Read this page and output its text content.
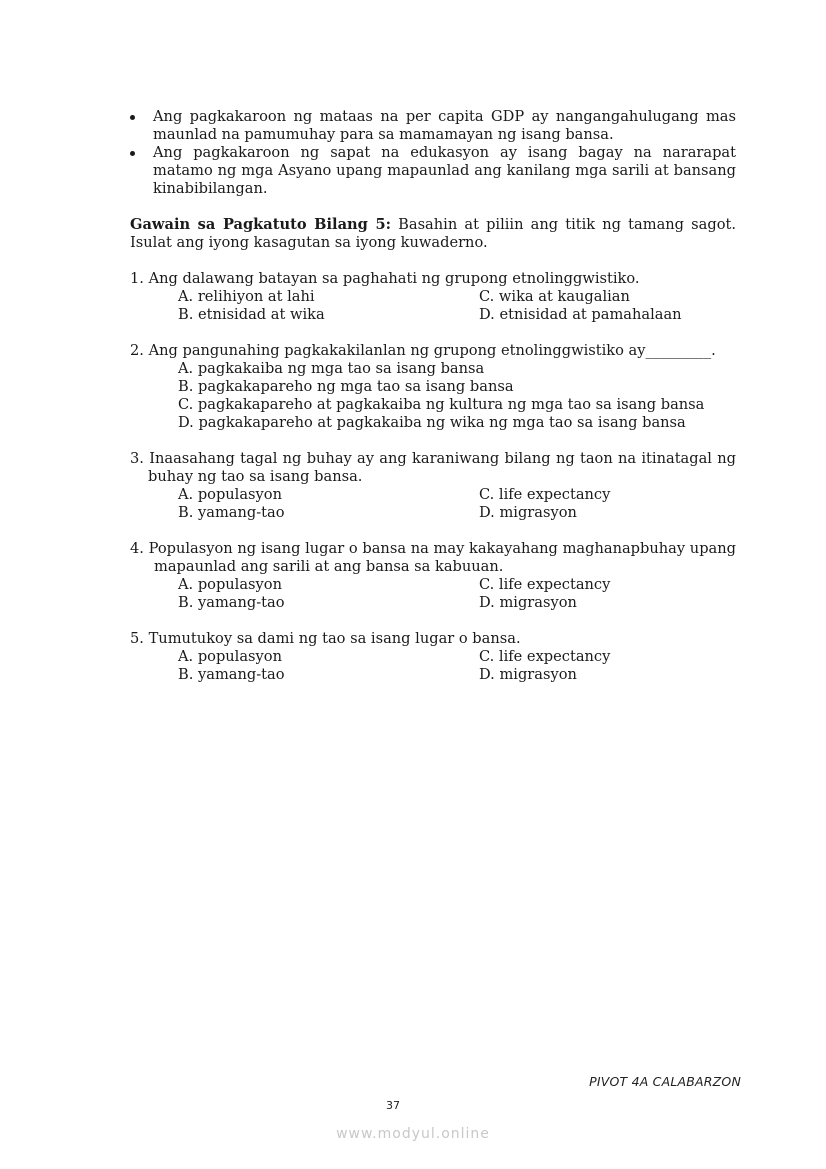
Ang pagkakaroon ng mataas na per capita GDP ay nangangahulugang mas maunlad na pamumuhay para sa mamamayan ng isang bansa.
Ang pagkakaroon ng sapat na edukasyon ay isang bagay na nararapat matamo ng mga Asyano upang mapaunlad ang kanilang mga sarili at bansang kinabibilangan.
Gawain sa Pagkatuto Bilang 5: Basahin at piliin ang titik ng tamang sagot. Isulat ang iyong kasagutan sa iyong kuwaderno.
1. Ang dalawang batayan sa paghahati ng grupong etnolinggwistiko.
A. relihiyon at lahi	C. wika at kaugalian
B. etnisidad at wika	D. etnisidad at pamahalaan
2. Ang pangunahing pagkakakilanlan ng grupong etnolinggwistiko ay_________.
A. pagkakaiba ng mga tao sa isang bansa
B. pagkakapareho ng mga tao sa isang bansa
C. pagkakapareho at pagkakaiba ng kultura ng mga tao sa isang bansa
D. pagkakapareho at pagkakaiba ng wika ng mga tao sa isang bansa
3. Inaasahang tagal ng buhay ay ang karaniwang bilang ng taon na itinatagal ng buhay ng tao sa isang bansa.
A. populasyon	C. life expectancy
B. yamang-tao	D. migrasyon
4. Populasyon ng isang lugar o bansa na may kakayahang maghanapbuhay upang mapaunlad ang sarili at ang bansa sa kabuuan.
A. populasyon	C. life expectancy
B. yamang-tao	D. migrasyon
5. Tumutukoy sa dami ng tao sa isang lugar o bansa.
A. populasyon	C. life expectancy
B. yamang-tao	D. migrasyon
PIVOT 4A CALABARZON
37
www.modyul.online
